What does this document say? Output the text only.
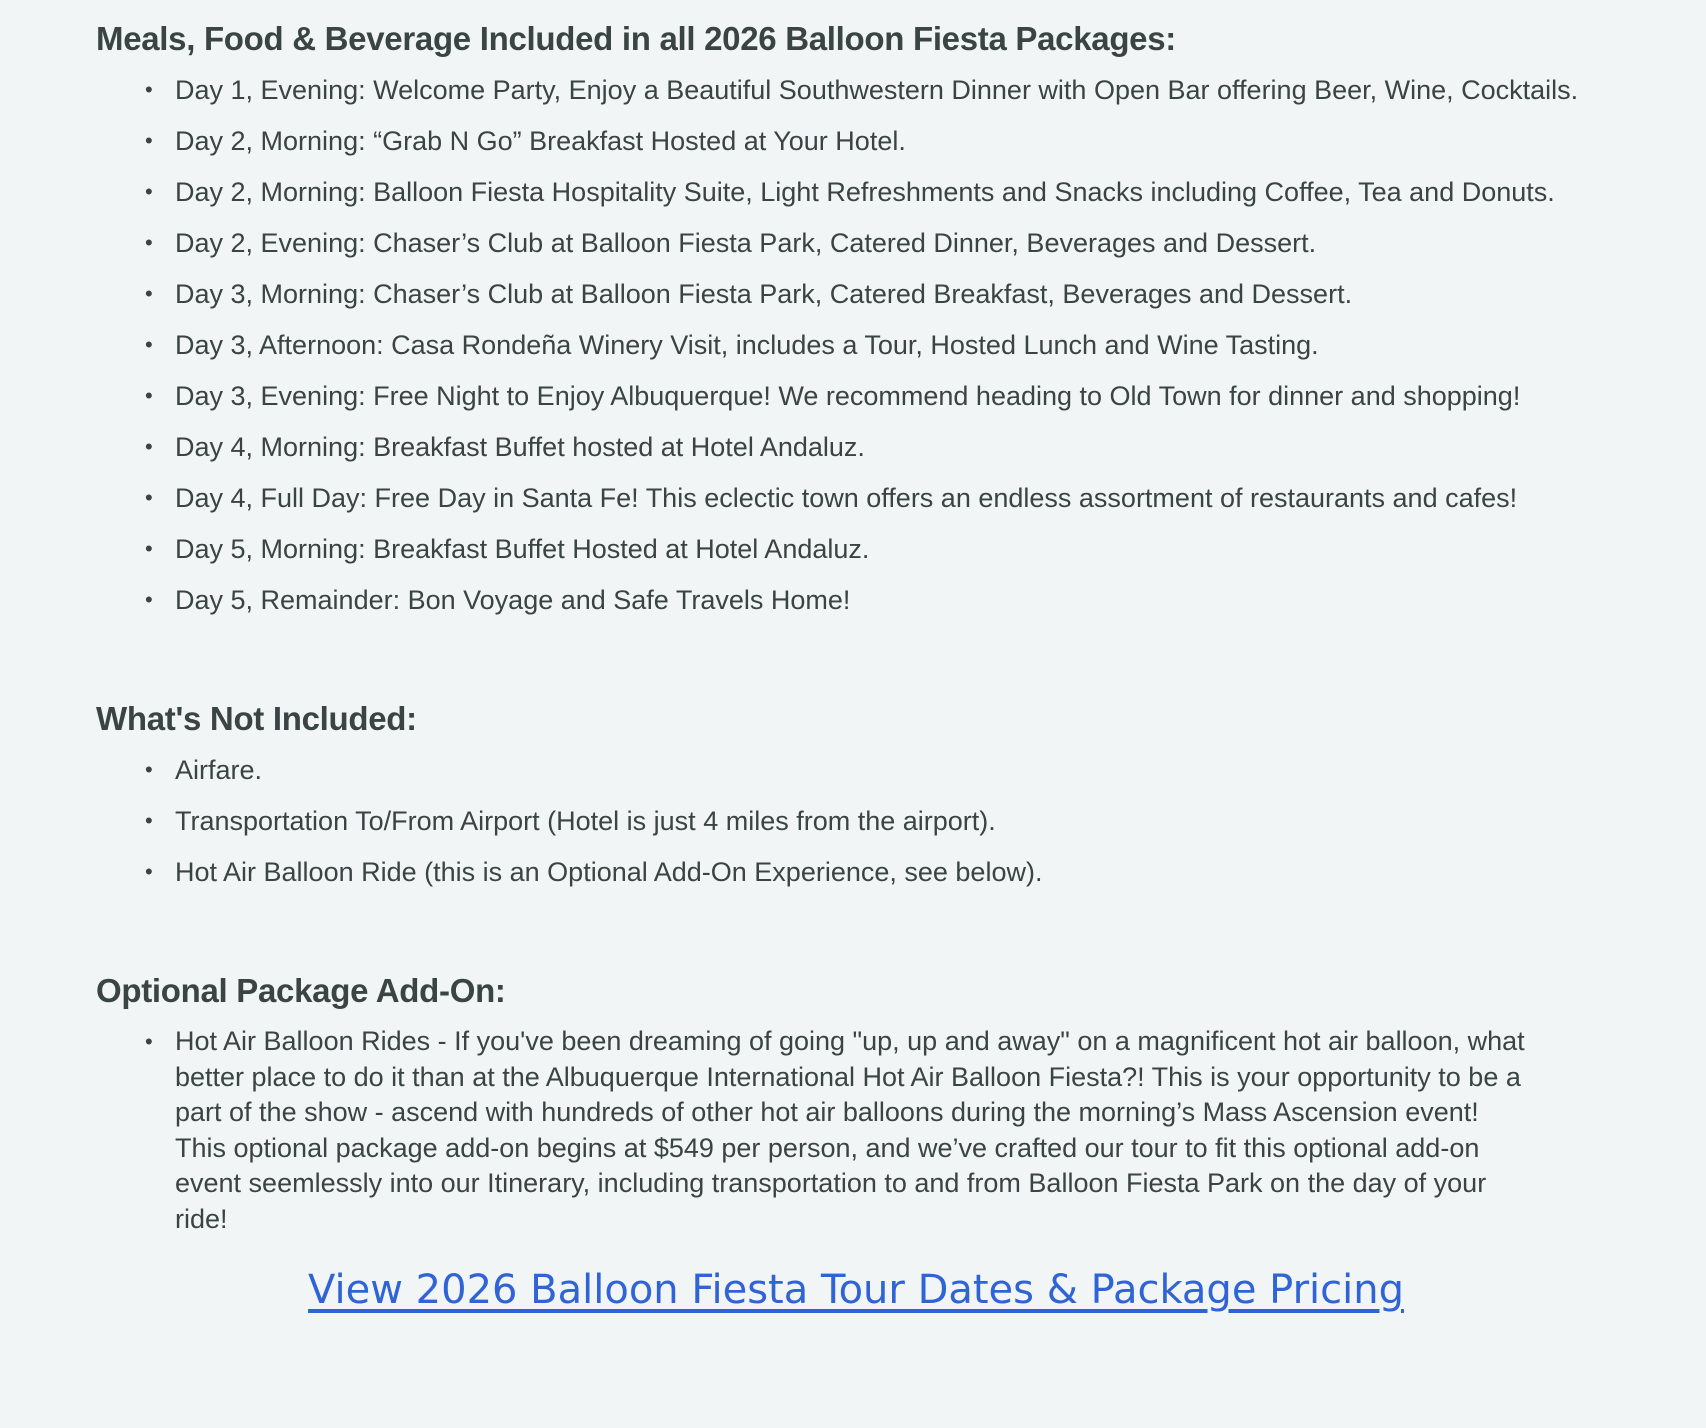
Meals, Food & Beverage Included in all 2026 Balloon Fiesta Packages:
• Day 1, Evening: Welcome Party, Enjoy a Beautiful Southwestern Dinner with Open Bar offering Beer, Wine, Cocktails.
• Day 2, Morning: “Grab N Go” Breakfast Hosted at Your Hotel.
• Day 2, Morning: Balloon Fiesta Hospitality Suite, Light Refreshments and Snacks including Coffee, Tea and Donuts.
• Day 2, Evening: Chaser’s Club at Balloon Fiesta Park, Catered Dinner, Beverages and Dessert.
• Day 3, Morning: Chaser’s Club at Balloon Fiesta Park, Catered Breakfast, Beverages and Dessert.
• Day 3, Afternoon: Casa Rondeña Winery Visit, includes a Tour, Hosted Lunch and Wine Tasting.
• Day 3, Evening: Free Night to Enjoy Albuquerque! We recommend heading to Old Town for dinner and shopping!
• Day 4, Morning: Breakfast Buffet hosted at Hotel Andaluz.
• Day 4, Full Day: Free Day in Santa Fe! This eclectic town offers an endless assortment of restaurants and cafes!
• Day 5, Morning: Breakfast Buffet Hosted at Hotel Andaluz.
• Day 5, Remainder: Bon Voyage and Safe Travels Home!
What's Not Included:
• Airfare.
• Transportation To/From Airport (Hotel is just 4 miles from the airport).
• Hot Air Balloon Ride (this is an Optional Add-On Experience, see below).
Optional Package Add-On:
• Hot Air Balloon Rides - If you've been dreaming of going "up, up and away" on a magnificent hot air balloon, what better place to do it than at the Albuquerque International Hot Air Balloon Fiesta?! This is your opportunity to be a part of the show - ascend with hundreds of other hot air balloons during the morning’s Mass Ascension event! This optional package add-on begins at $549 per person, and we’ve crafted our tour to fit this optional add-on event seemlessly into our Itinerary, including transportation to and from Balloon Fiesta Park on the day of your ride!
View 2026 Balloon Fiesta Tour Dates & Package Pricing
